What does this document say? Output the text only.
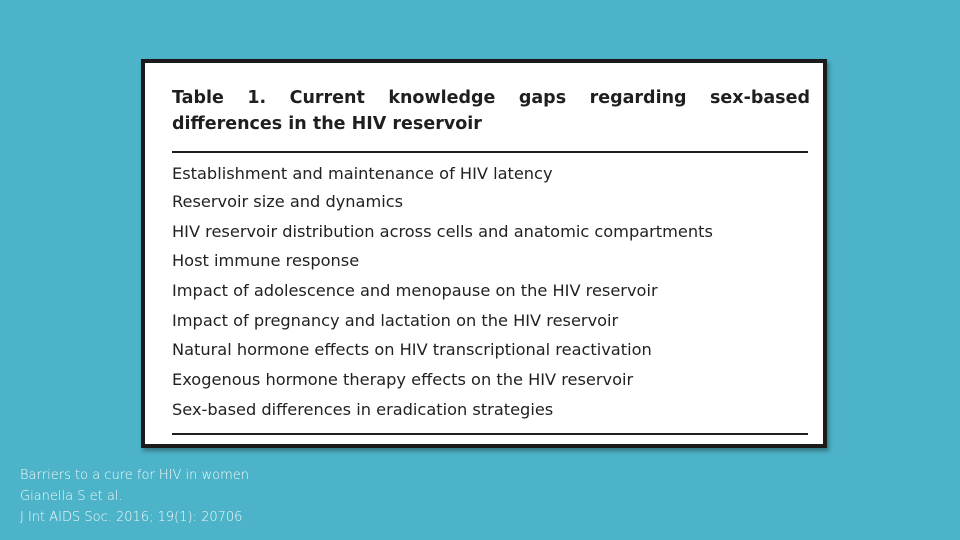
Table 1. Current knowledge gaps regarding sex-based
differences in the HIV reservoir
Establishment and maintenance of HIV latency
Reservoir size and dynamics
HIV reservoir distribution across cells and anatomic compartments
Host immune response
Impact of adolescence and menopause on the HIV reservoir
Impact of pregnancy and lactation on the HIV reservoir
Natural hormone effects on HIV transcriptional reactivation
Exogenous hormone therapy effects on the HIV reservoir
Sex-based differences in eradication strategies
Barriers to a cure for HIV in women
Gianella S et al.
J Int AIDS Soc. 2016; 19(1): 20706
